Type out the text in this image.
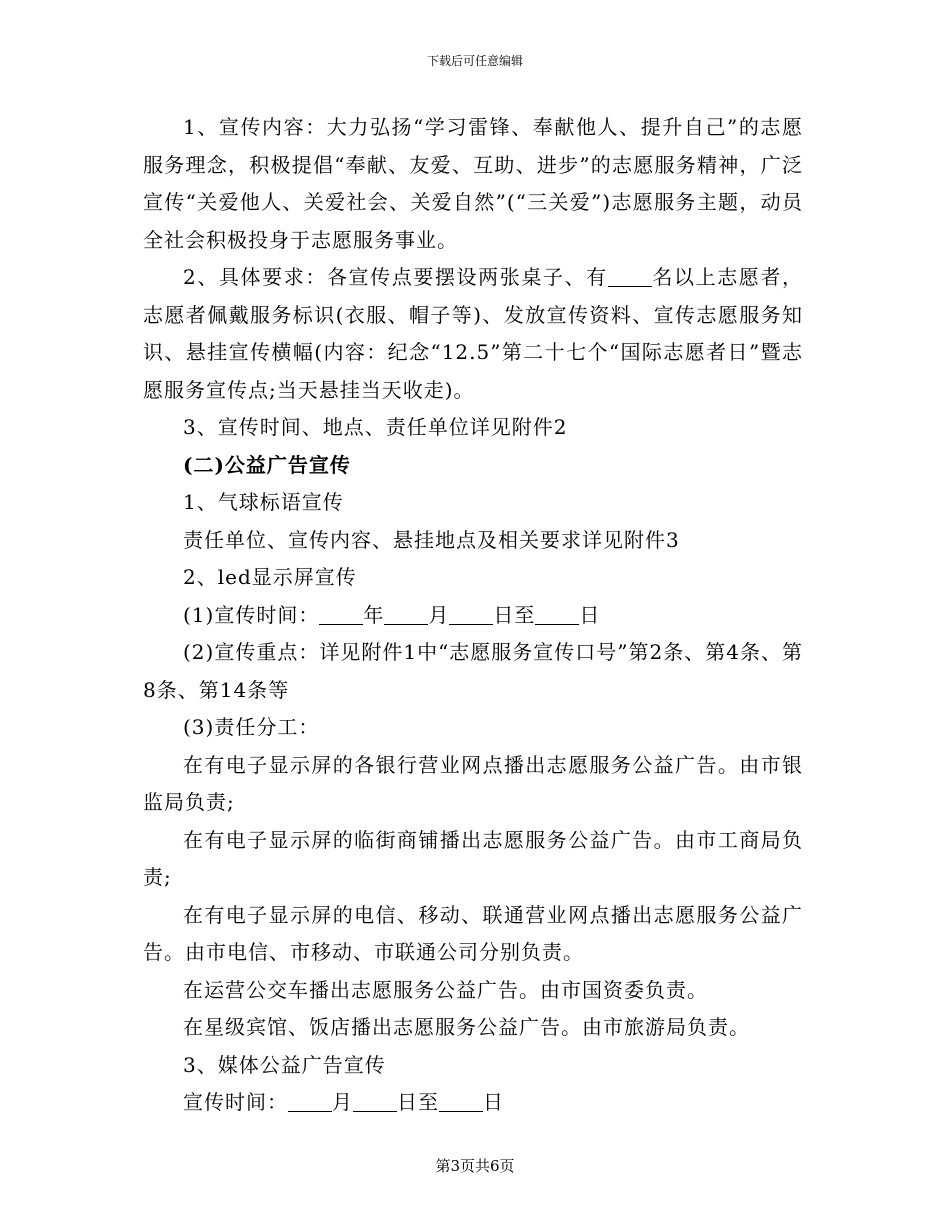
下载后可任意编辑

1、宣传内容：大力弘扬“学习雷锋、奉献他人、提升自己”的志愿服务理念，积极提倡“奉献、友爱、互助、进步”的志愿服务精神，广泛宣传“关爱他人、关爱社会、关爱自然”(“三关爱”)志愿服务主题，动员全社会积极投身于志愿服务事业。

2、具体要求：各宣传点要摆设两张桌子、有 名以上志愿者，志愿者佩戴服务标识(衣服、帽子等)、发放宣传资料、宣传志愿服务知识、悬挂宣传横幅(内容：纪念“12.5”第二十七个“国际志愿者日”暨志愿服务宣传点;当天悬挂当天收走)。

3、宣传时间、地点、责任单位详见附件2

(二)公益广告宣传

1、气球标语宣传

责任单位、宣传内容、悬挂地点及相关要求详见附件3

2、led显示屏宣传

(1)宣传时间： 年 月 日至 日

(2)宣传重点：详见附件1中“志愿服务宣传口号”第2条、第4条、第8条、第14条等

(3)责任分工：

在有电子显示屏的各银行营业网点播出志愿服务公益广告。由市银监局负责;

在有电子显示屏的临街商铺播出志愿服务公益广告。由市工商局负责;

在有电子显示屏的电信、移动、联通营业网点播出志愿服务公益广告。由市电信、市移动、市联通公司分别负责。

在运营公交车播出志愿服务公益广告。由市国资委负责。

在星级宾馆、饭店播出志愿服务公益广告。由市旅游局负责。

3、媒体公益广告宣传

宣传时间： 月 日至 日

第3页共6页
